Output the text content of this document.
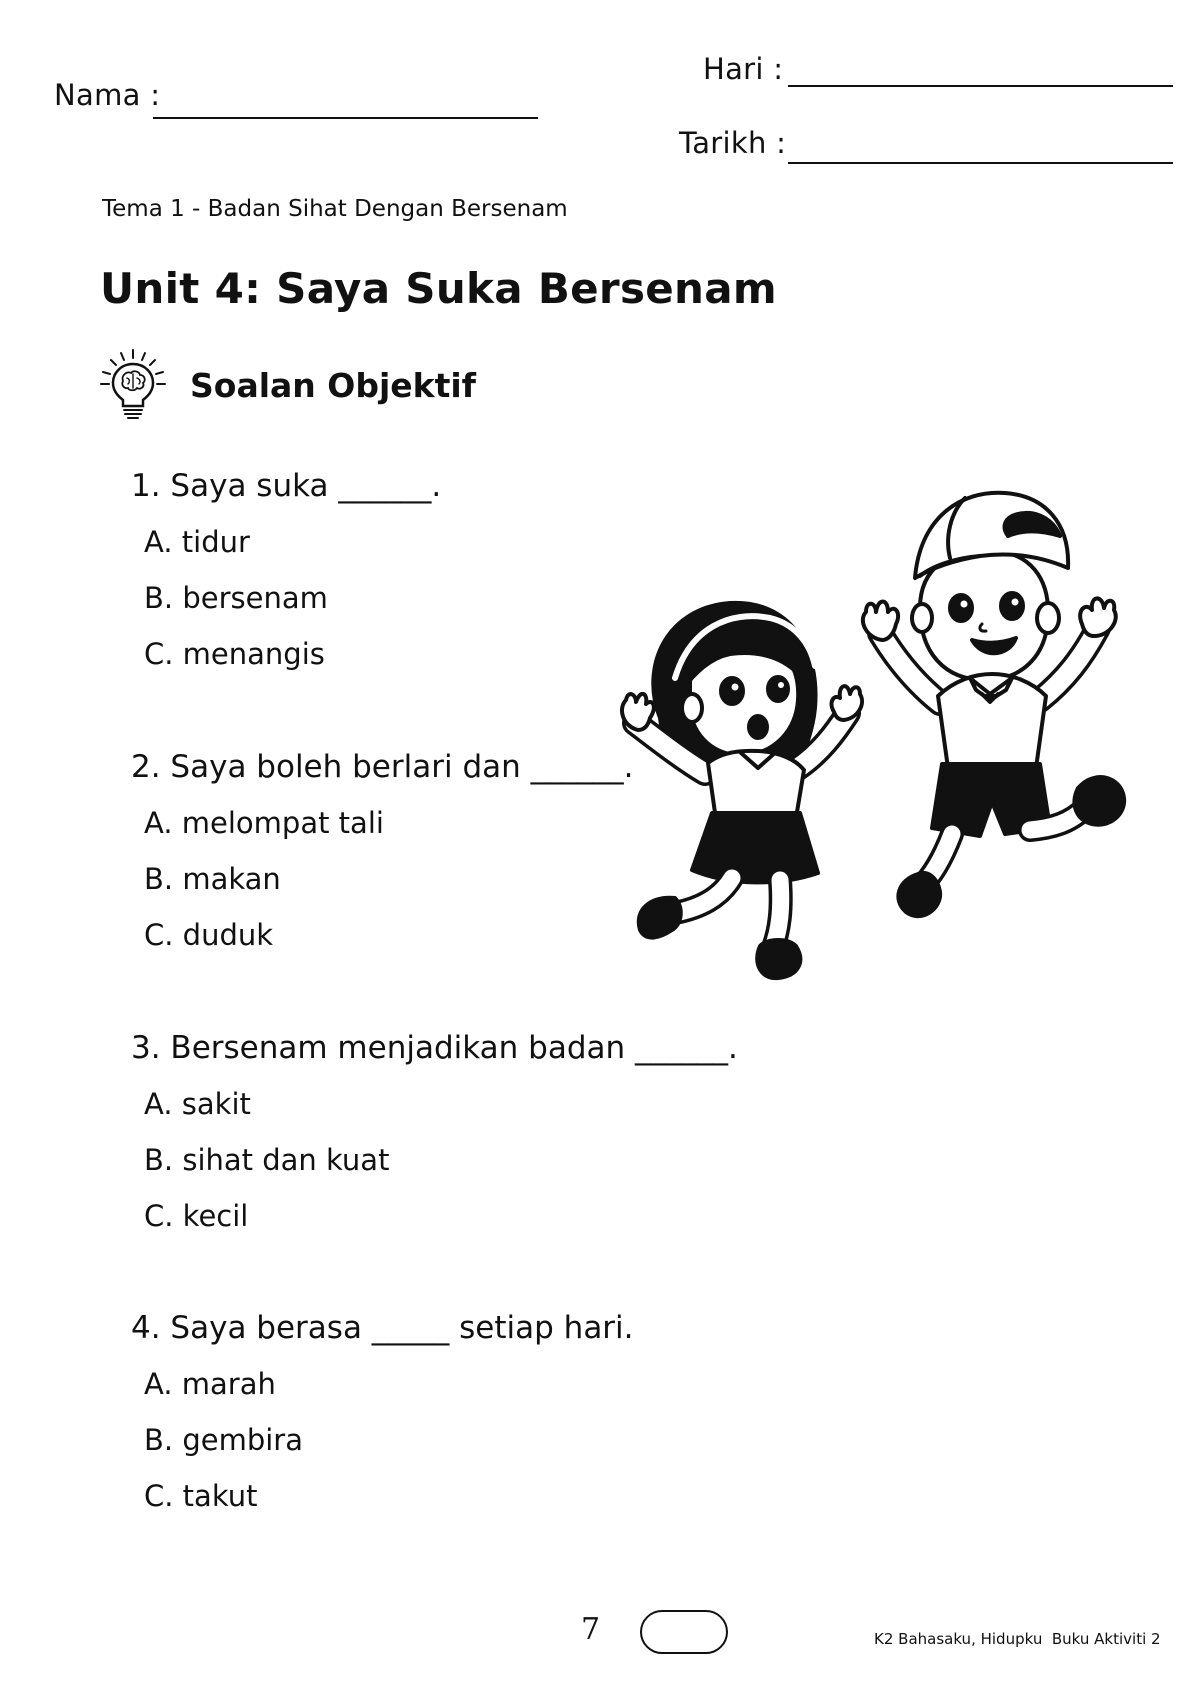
Nama :
Hari :
Tarikh :
Tema 1 - Badan Sihat Dengan Bersenam
Unit 4: Saya Suka Bersenam
Soalan Objektif
1. Saya suka ______.
A. tidur
B. bersenam
C. menangis
2. Saya boleh berlari dan ______.
A. melompat tali
B. makan
C. duduk
3. Bersenam menjadikan badan ______.
A. sakit
B. sihat dan kuat
C. kecil
4. Saya berasa _____ setiap hari.
A. marah
B. gembira
C. takut
7	K2 Bahasaku, Hidupku  Buku Aktiviti 2
